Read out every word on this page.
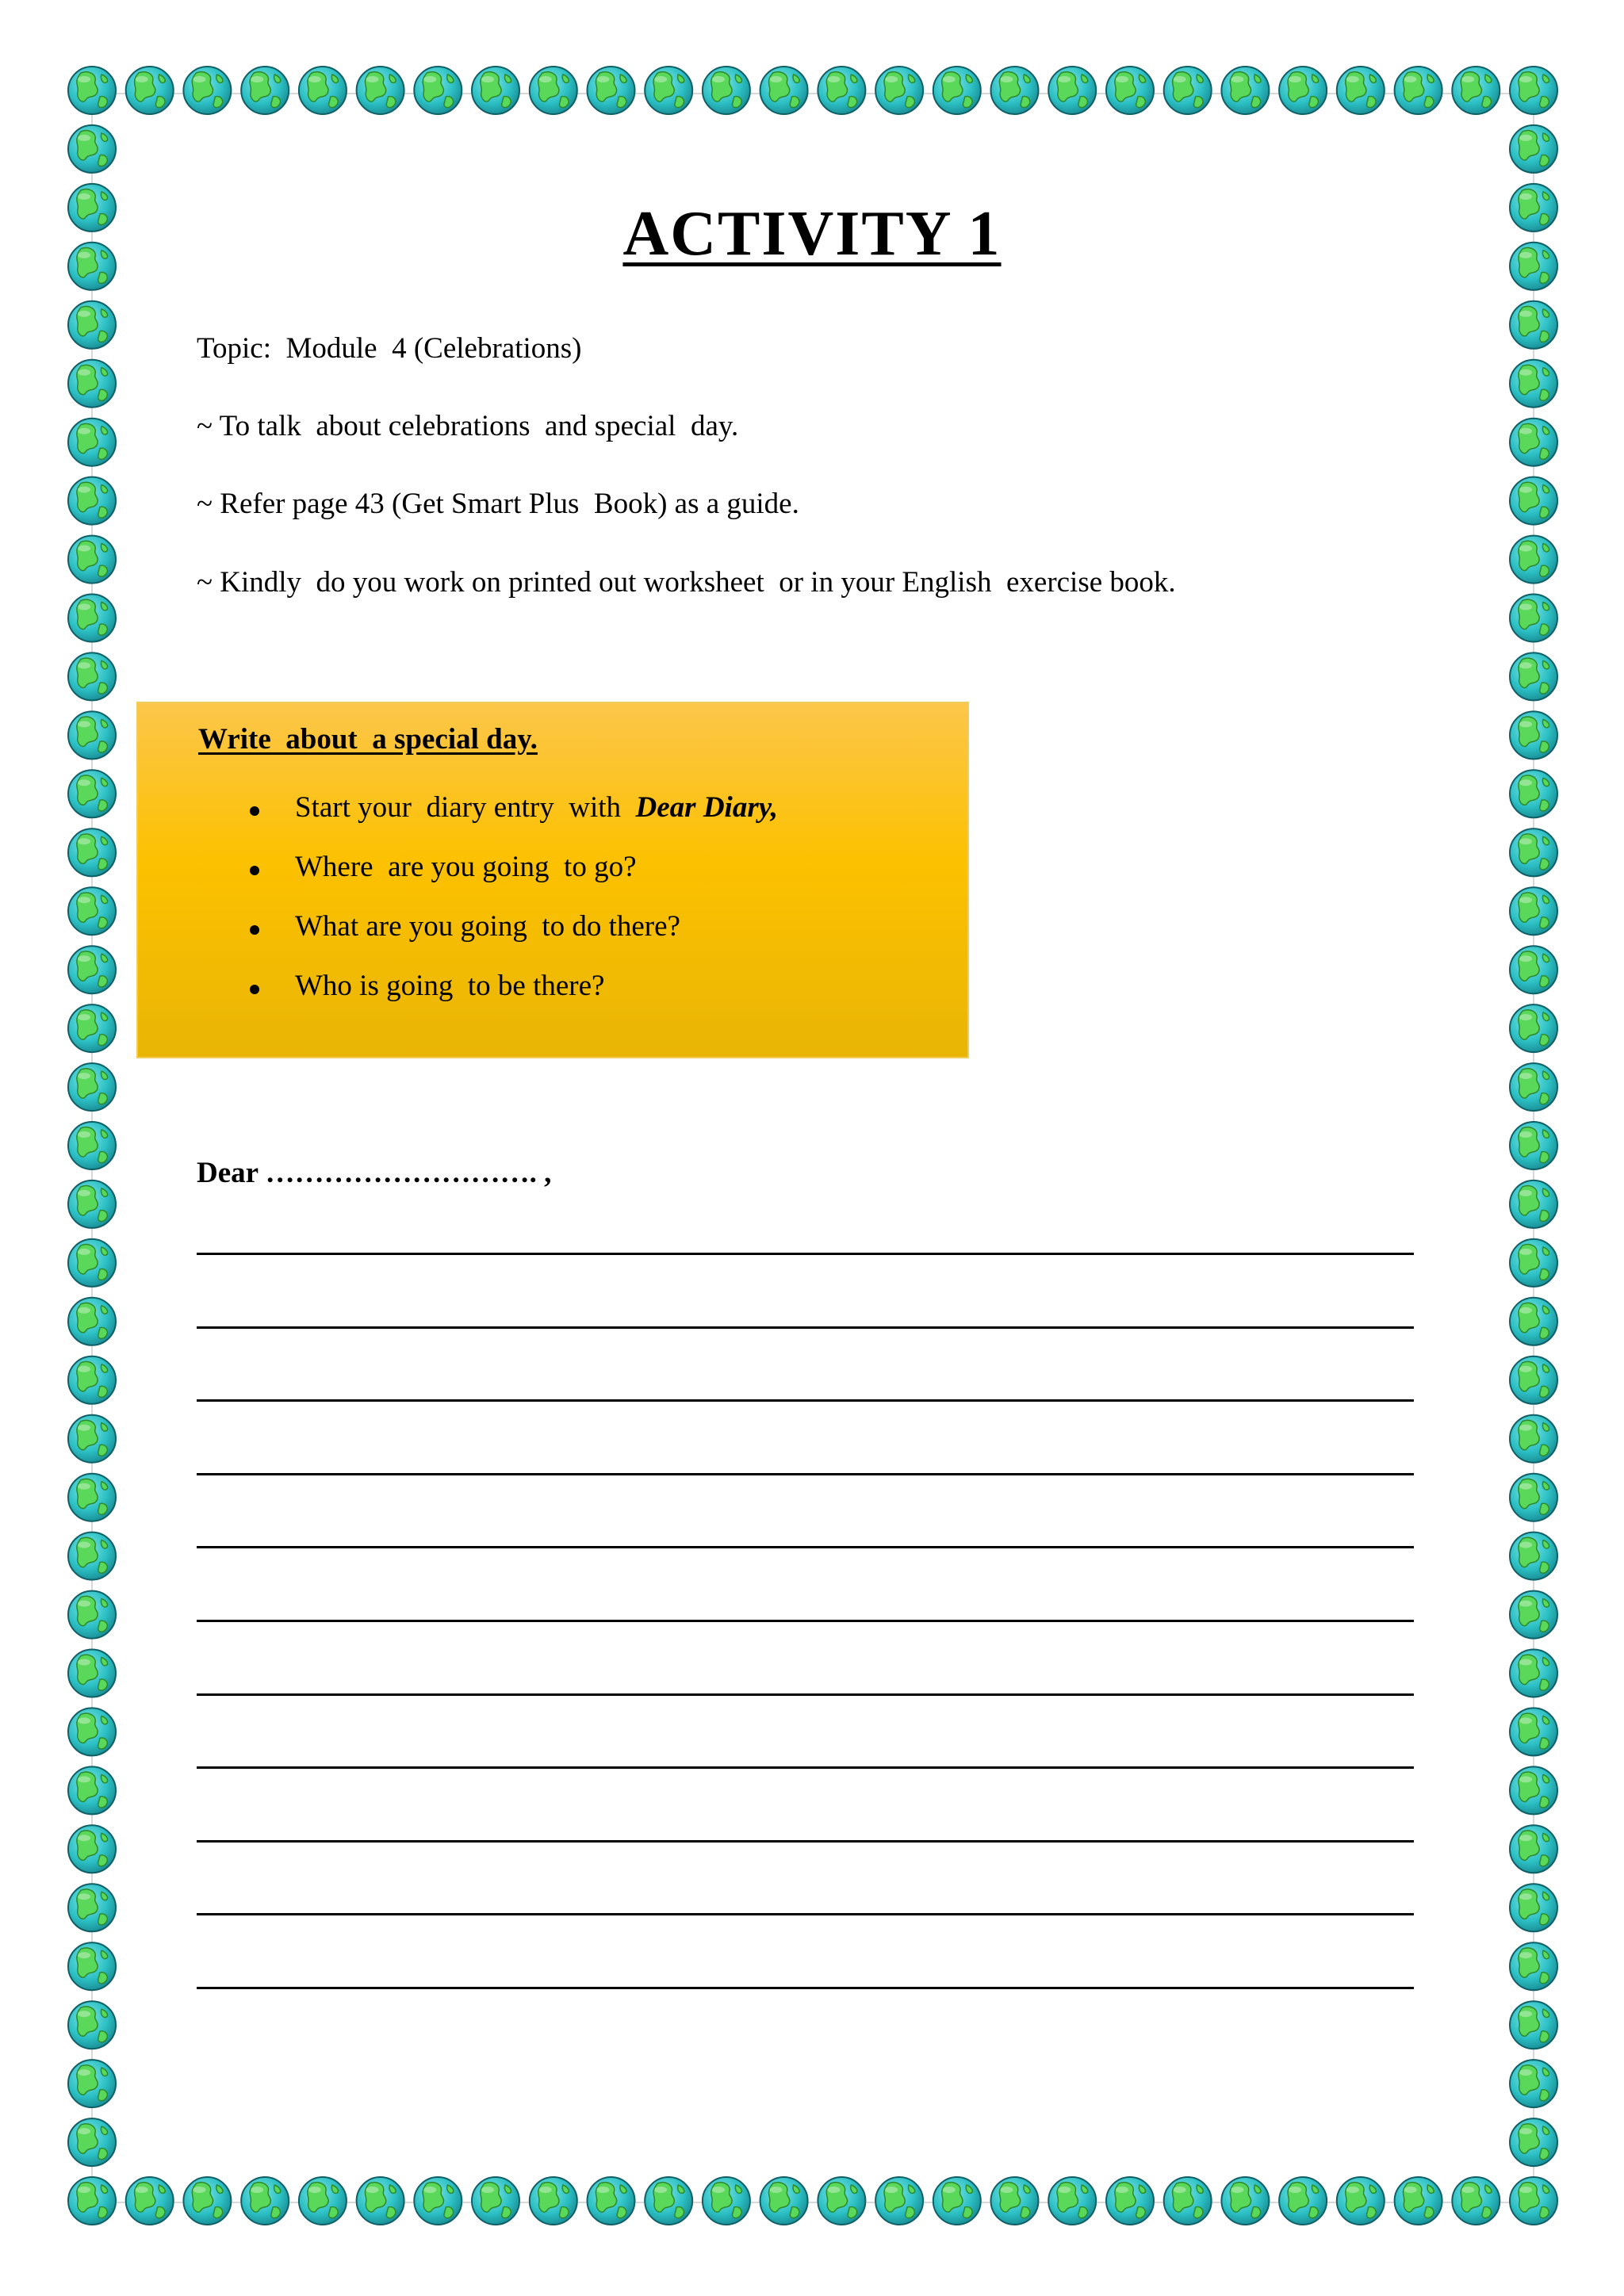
ACTIVITY 1
Topic:  Module  4 (Celebrations)
~ To talk  about celebrations  and special  day.
~ Refer page 43 (Get Smart Plus  Book) as a guide.
~ Kindly  do you work on printed out worksheet  or in your English  exercise book.
Write  about  a special day.
Start your  diary entry  with  Dear Diary,
Where  are you going  to go?
What are you going  to do there?
Who is going  to be there?
Dear ………………………. ,
